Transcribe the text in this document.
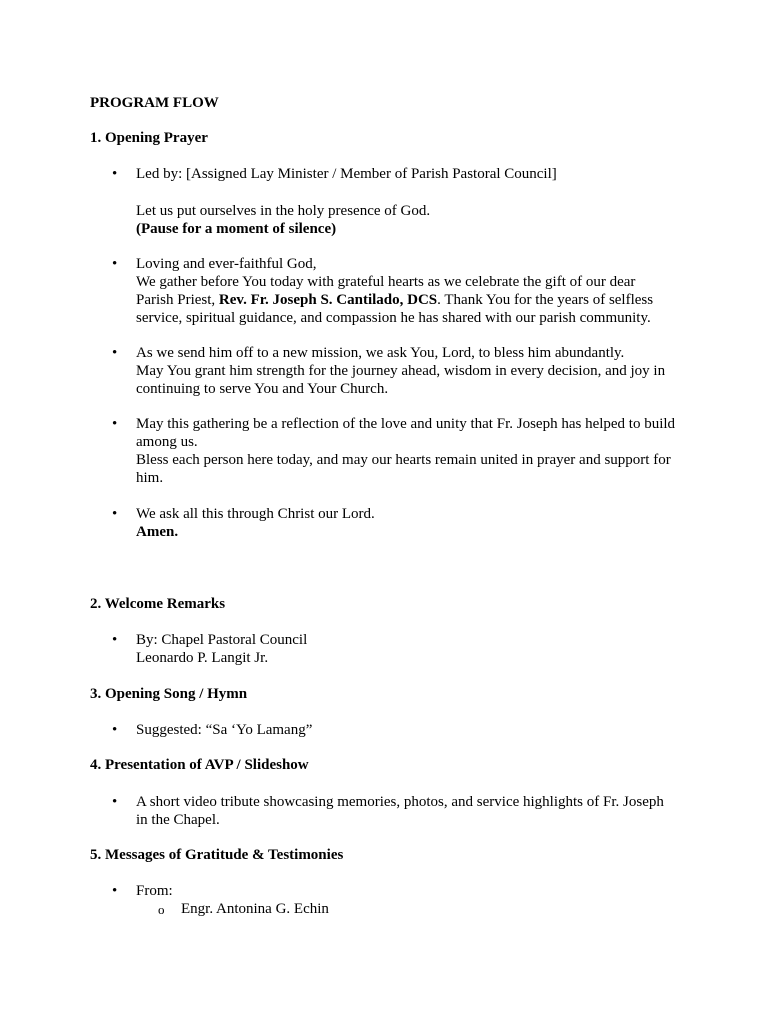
PROGRAM FLOW
1. Opening Prayer
•	Led by: [Assigned Lay Minister / Member of Parish Pastoral Council]
Let us put ourselves in the holy presence of God.
(Pause for a moment of silence)
•	Loving and ever-faithful God,
We gather before You today with grateful hearts as we celebrate the gift of our dear
Parish Priest, Rev. Fr. Joseph S. Cantilado, DCS. Thank You for the years of selfless
service, spiritual guidance, and compassion he has shared with our parish community.
•	As we send him off to a new mission, we ask You, Lord, to bless him abundantly.
May You grant him strength for the journey ahead, wisdom in every decision, and joy in
continuing to serve You and Your Church.
•	May this gathering be a reflection of the love and unity that Fr. Joseph has helped to build
among us.
Bless each person here today, and may our hearts remain united in prayer and support for
him.
•	We ask all this through Christ our Lord.
Amen.
2. Welcome Remarks
•	By: Chapel Pastoral Council
Leonardo P. Langit Jr.
3. Opening Song / Hymn
•	Suggested: “Sa ‘Yo Lamang”
4. Presentation of AVP / Slideshow
•	A short video tribute showcasing memories, photos, and service highlights of Fr. Joseph
in the Chapel.
5. Messages of Gratitude & Testimonies
•	From:
o Engr. Antonina G. Echin
